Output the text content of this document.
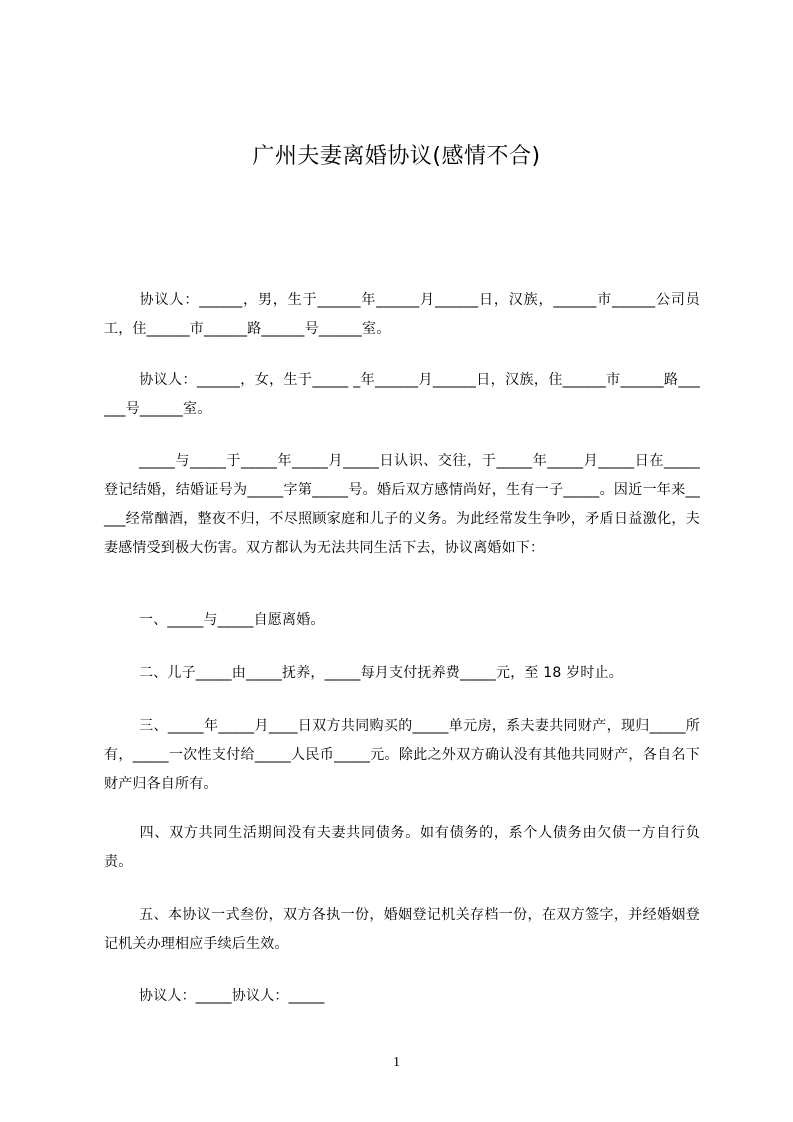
广州夫妻离婚协议(感情不合)
协议人：______，男，生于______年______月______日，汉族，______市______公司员工，住______市______路______号______室。
协议人：______，女，生于_____ _年______月______日，汉族，住______市______路______号______室。
_____与_____于_____年_____月_____日认识、交往，于_____年_____月_____日在_____登记结婚，结婚证号为_____字第_____号。婚后双方感情尚好，生有一子_____。因近一年来_____经常酗酒，整夜不归，不尽照顾家庭和儿子的义务。为此经常发生争吵，矛盾日益激化，夫妻感情受到极大伤害。双方都认为无法共同生活下去，协议离婚如下：
一、_____与_____自愿离婚。
二、儿子_____由_____抚养，_____每月支付抚养费_____元，至 18 岁时止。
三、_____年_____月____日双方共同购买的_____单元房，系夫妻共同财产，现归_____所有，_____一次性支付给_____人民币_____元。除此之外双方确认没有其他共同财产，各自名下财产归各自所有。
四、双方共同生活期间没有夫妻共同债务。如有债务的，系个人债务由欠债一方自行负责。
五、本协议一式叁份，双方各执一份，婚姻登记机关存档一份，在双方签字，并经婚姻登记机关办理相应手续后生效。
协议人：_____协议人：_____
1
